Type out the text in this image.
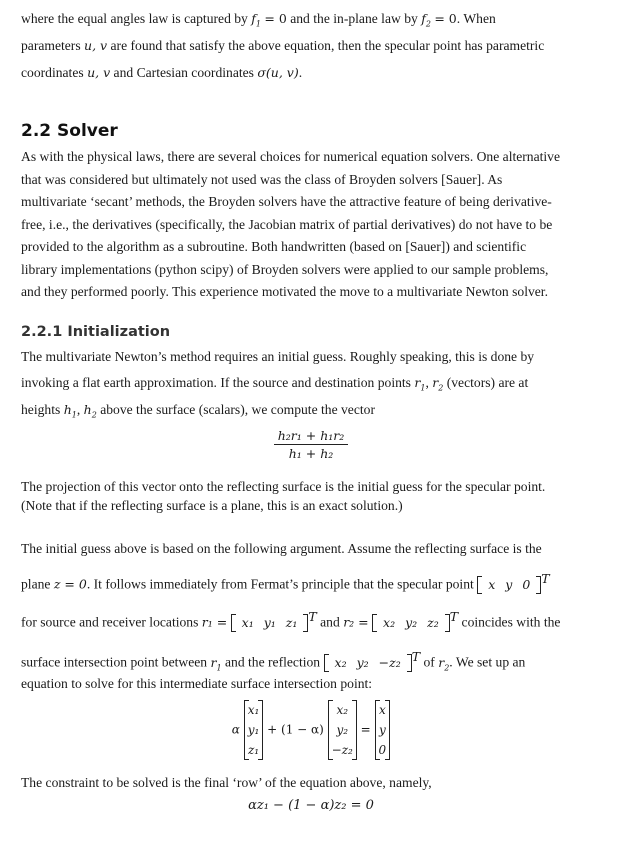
where the equal angles law is captured by $f_1 = 0$ and the in-plane law by $f_2 = 0$. When

parameters u, v are found that satisfy the above equation, then the specular point has parametric

coordinates u, v and Cartesian coordinates σ(u, v).

2.2 Solver

As with the physical laws, there are several choices for numerical equation solvers. One alternative

that was considered but ultimately not used was the class of Broyden solvers [Sauer]. As

multivariate ‘secant’ methods, the Broyden solvers have the attractive feature of being derivative-

free, i.e., the derivatives (specifically, the Jacobian matrix of partial derivatives) do not have to be

provided to the algorithm as a subroutine. Both handwritten (based on [Sauer]) and scientific

library implementations (python scipy) of Broyden solvers were applied to our sample problems,

and they performed poorly. This experience motivated the move to a multivariate Newton solver.

2.2.1 Initialization

The multivariate Newton’s method requires an initial guess. Roughly speaking, this is done by

invoking a flat earth approximation. If the source and destination points $r_1$, $r_2$ (vectors) are at

heights $h_1$, $h_2$ above the surface (scalars), we compute the vector

$\frac{\text{h₂r₁ + h₁r₂}}{\text{h₁ + h₂}}$

The projection of this vector onto the reflecting surface is the initial guess for the specular point.

(Note that if the reflecting surface is a plane, this is an exact solution.)

The initial guess above is based on the following argument. Assume the reflecting surface is the

plane z = 0. It follows immediately from Fermat’s principle that the specular point x y 0 $^T$

for source and receiver locations r₁ = x₁ y₁ z₁ $^T$ and r₂ = x₂ y₂ z₂ $^T$ coincides with the

surface intersection point between $r_1$ and the reflection x₂ y₂ −z₂ $^T$ of $r_2$. We set up an

equation to solve for this intermediate surface intersection point:

α
x₁
y₁
z₁
+ (1 − α)
x₂
y₂
−z₂
=
x
y
0

The constraint to be solved is the final ‘row’ of the equation above, namely,

αz₁ − (1 − α)z₂ = 0
